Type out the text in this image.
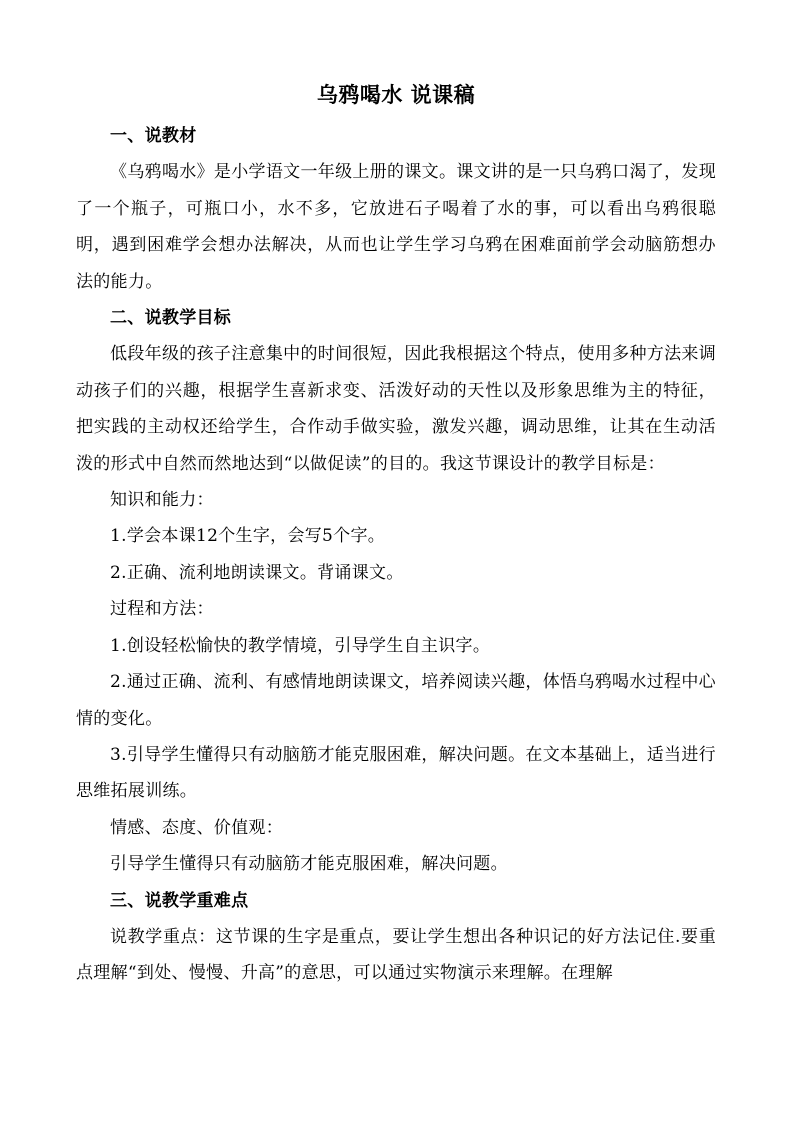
乌鸦喝水 说课稿

一、说教材

《乌鸦喝水》是小学语文一年级上册的课文。课文讲的是一只乌鸦口渴了，发现了一个瓶子，可瓶口小，水不多，它放进石子喝着了水的事，可以看出乌鸦很聪明，遇到困难学会想办法解决，从而也让学生学习乌鸦在困难面前学会动脑筋想办法的能力。

二、说教学目标

低段年级的孩子注意集中的时间很短，因此我根据这个特点，使用多种方法来调动孩子们的兴趣，根据学生喜新求变、活泼好动的天性以及形象思维为主的特征，把实践的主动权还给学生，合作动手做实验，激发兴趣，调动思维，让其在生动活泼的形式中自然而然地达到“以做促读”的目的。我这节课设计的教学目标是：

知识和能力：

1.学会本课12个生字，会写5个字。

2.正确、流利地朗读课文。背诵课文。

过程和方法：

1.创设轻松愉快的教学情境，引导学生自主识字。

2.通过正确、流利、有感情地朗读课文，培养阅读兴趣，体悟乌鸦喝水过程中心情的变化。

3.引导学生懂得只有动脑筋才能克服困难，解决问题。在文本基础上，适当进行思维拓展训练。

情感、态度、价值观：

引导学生懂得只有动脑筋才能克服困难，解决问题。

三、说教学重难点

说教学重点：这节课的生字是重点，要让学生想出各种识记的好方法记住.要重点理解“到处、慢慢、升高”的意思，可以通过实物演示来理解。在理解
